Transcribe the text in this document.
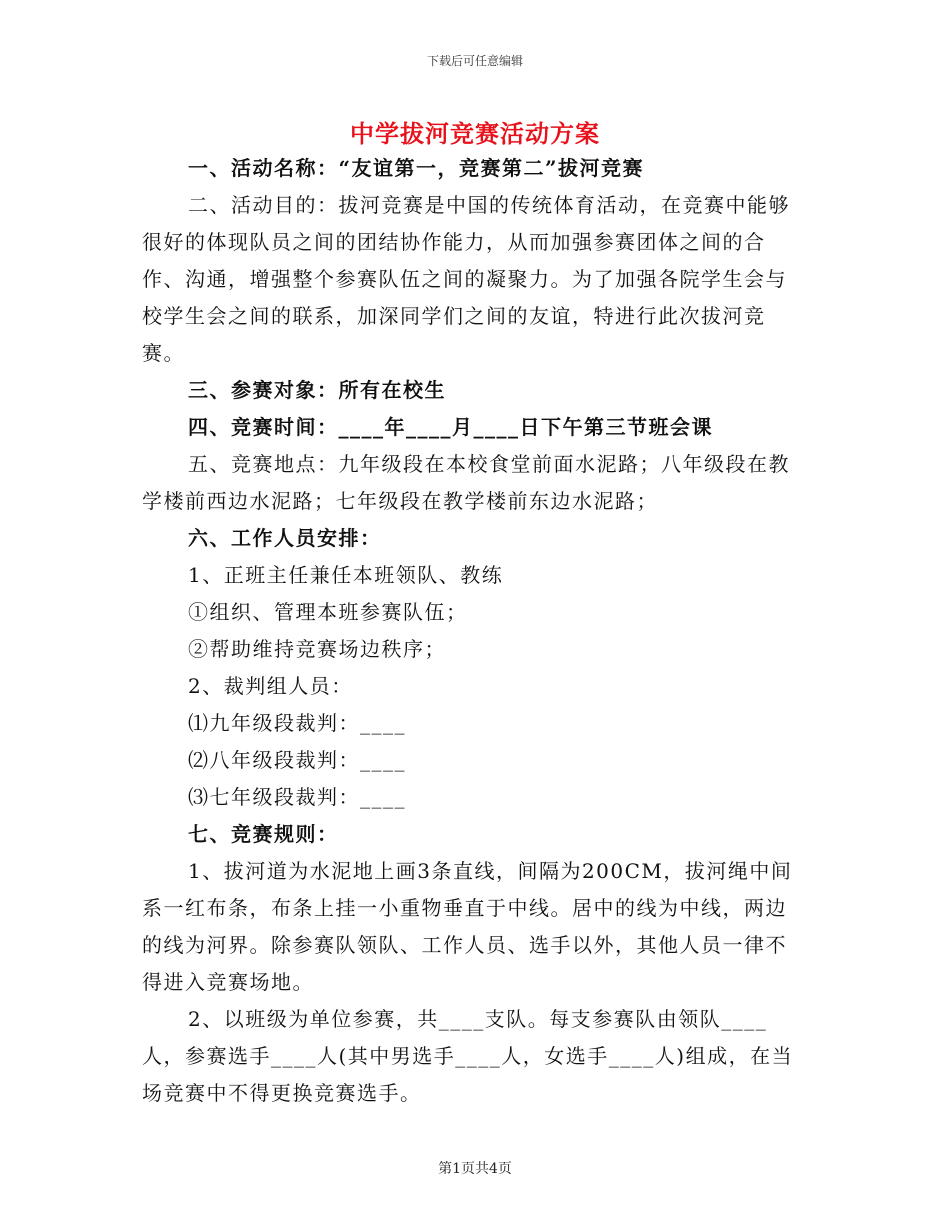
下载后可任意编辑
中学拔河竞赛活动方案

一、活动名称：“友谊第一，竞赛第二”拔河竞赛

二、活动目的：拔河竞赛是中国的传统体育活动，在竞赛中能够很好的体现队员之间的团结协作能力，从而加强参赛团体之间的合作、沟通，增强整个参赛队伍之间的凝聚力。为了加强各院学生会与校学生会之间的联系，加深同学们之间的友谊，特进行此次拔河竞赛。

三、参赛对象：所有在校生

四、竞赛时间：____年____月____日下午第三节班会课

五、竞赛地点：九年级段在本校食堂前面水泥路；八年级段在教学楼前西边水泥路；七年级段在教学楼前东边水泥路；

六、工作人员安排：

1、正班主任兼任本班领队、教练

①组织、管理本班参赛队伍；

②帮助维持竞赛场边秩序；

2、裁判组人员：

⑴九年级段裁判：____

⑵八年级段裁判：____

⑶七年级段裁判：____

七、竞赛规则：

1、拔河道为水泥地上画3条直线，间隔为200CM，拔河绳中间系一红布条，布条上挂一小重物垂直于中线。居中的线为中线，两边的线为河界。除参赛队领队、工作人员、选手以外，其他人员一律不得进入竞赛场地。

2、以班级为单位参赛，共____支队。每支参赛队由领队____人，参赛选手____人(其中男选手____人，女选手____人)组成，在当场竞赛中不得更换竞赛选手。

第1页共4页
